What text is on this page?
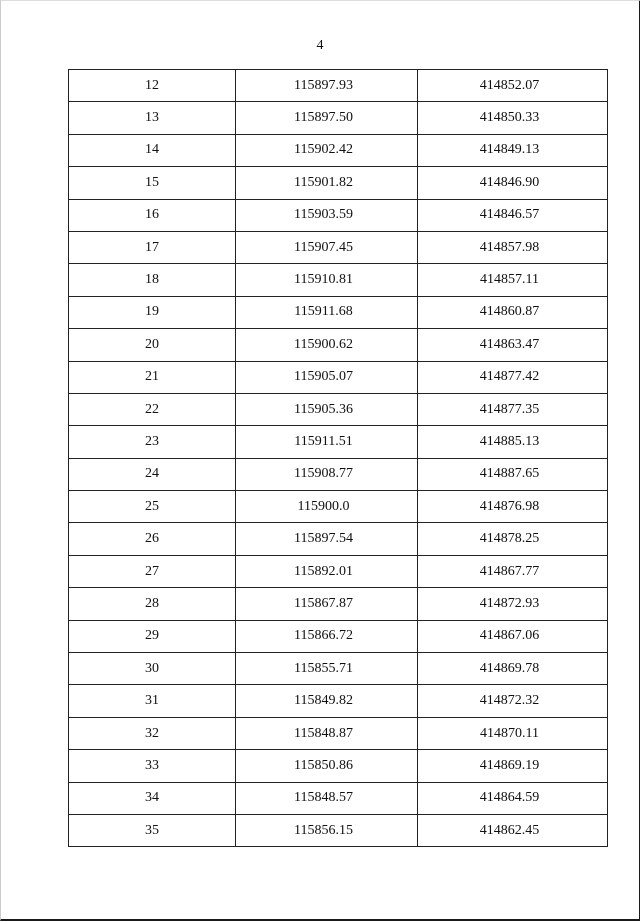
4
12	115897.93	414852.07
13	115897.50	414850.33
14	115902.42	414849.13
15	115901.82	414846.90
16	115903.59	414846.57
17	115907.45	414857.98
18	115910.81	414857.11
19	115911.68	414860.87
20	115900.62	414863.47
21	115905.07	414877.42
22	115905.36	414877.35
23	115911.51	414885.13
24	115908.77	414887.65
25	115900.0	414876.98
26	115897.54	414878.25
27	115892.01	414867.77
28	115867.87	414872.93
29	115866.72	414867.06
30	115855.71	414869.78
31	115849.82	414872.32
32	115848.87	414870.11
33	115850.86	414869.19
34	115848.57	414864.59
35	115856.15	414862.45
